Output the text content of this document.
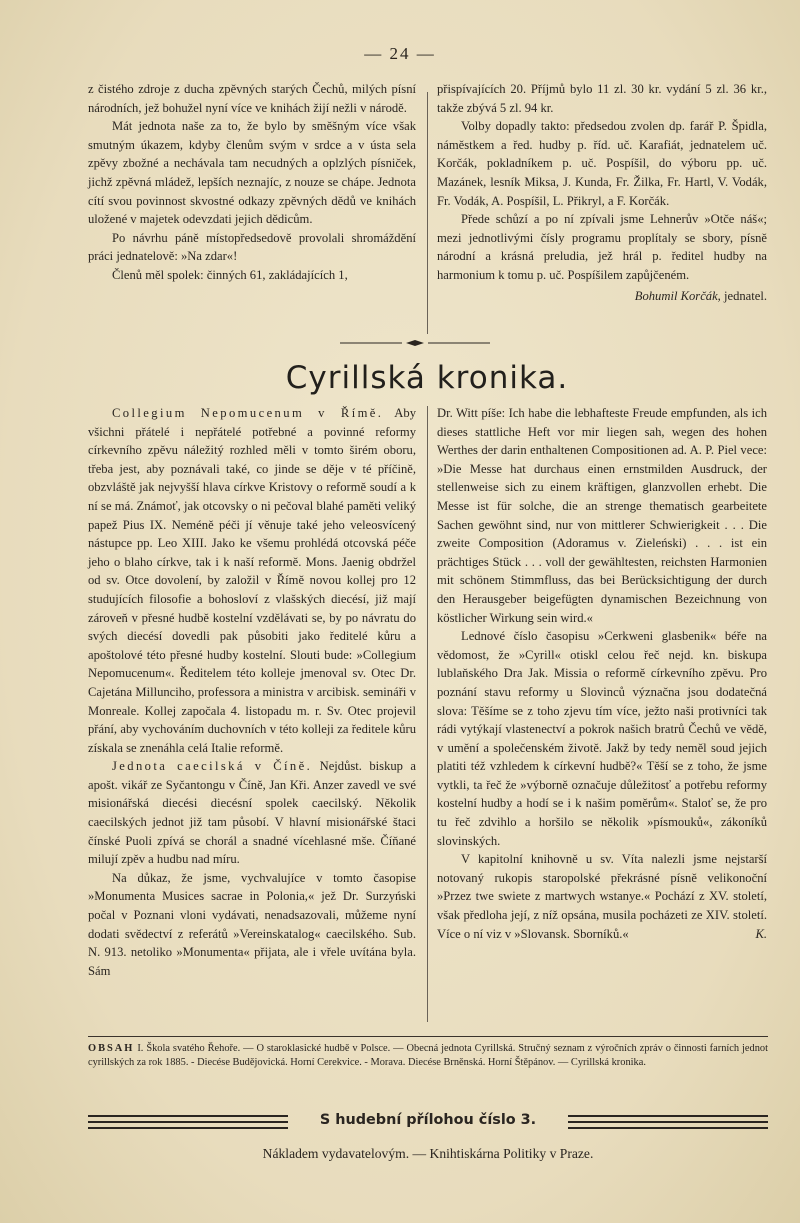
— 24 —

z čistého zdroje z ducha zpěvných starých Čechů, milých písní národních, jež bohužel nyní více ve knihách žijí nežli v národě.

Mát jednota naše za to, že bylo by směšným více však smutným úkazem, kdyby členům svým v srdce a v ústa sela zpěvy zbožné a nechávala tam necudných a oplzlých písniček, jichž zpěvná mládež, lepších neznajíc, z nouze se chápe. Jednota cítí svou povinnost skvostné odkazy zpěvných dědů ve knihách uložené v majetek odevzdati jejich dědicům.

Po návrhu páně místopředsedově provolali shromáždění práci jednatelově: »Na zdar«!

Členů měl spolek: činných 61, zakládajících 1,

přispívajících 20. Příjmů bylo 11 zl. 30 kr. vydání 5 zl. 36 kr., takže zbývá 5 zl. 94 kr.

Volby dopadly takto: předsedou zvolen dp. farář P. Špidla, náměstkem a řed. hudby p. říd. uč. Karafiát, jednatelem uč. Korčák, pokladníkem p. uč. Pospíšil, do výboru pp. uč. Mazánek, lesník Miksa, J. Kunda, Fr. Žilka, Fr. Hartl, V. Vodák, Fr. Vodák, A. Pospíšil, L. Přikryl, a F. Korčák.

Přede schůzí a po ní zpívali jsme Lehnerův »Otče náš«; mezi jednotlivými čísly programu proplítaly se sbory, písně národní a krásná preludia, jež hrál p. ředitel hudby na harmonium k tomu p. uč. Pospíšilem zapůjčeném.

Bohumil Korčák, jednatel.
Cyrillská kronika.

Collegium Nepomucenum v Římě. Aby všichni přátelé i nepřátelé potřebné a povinné reformy církevního zpěvu náležitý rozhled měli v tomto širém oboru, třeba jest, aby poznávali také, co jinde se děje v té příčině, obzvláště jak nejvyšší hlava církve Kristovy o reformě soudí a k ní se má. Známoť, jak otcovsky o ni pečoval blahé paměti veliký papež Pius IX. Neméně péči jí věnuje také jeho veleosvícený nástupce pp. Leo XIII. Jako ke všemu prohlédá otcovská péče jeho o blaho církve, tak i k naší reformě. Mons. Jaenig obdržel od sv. Otce dovolení, by založil v Římě novou kollej pro 12 studujících filosofie a bohosloví z vlašských diecésí, již mají zároveň v přesné hudbě kostelní vzdělávati se, by po návratu do svých diecésí dovedli pak působiti jako ředitelé kůru a apoštolové této přesné hudby kostelní. Slouti bude: »Collegium Nepomucenum«. Ředitelem této kolleje jmenoval sv. Otec Dr. Cajetána Millunciho, professora a ministra v arcibisk. semináři v Monreale. Kollej započala 4. listopadu m. r. Sv. Otec projevil přání, aby vychováním duchovních v této kolleji za ředitele kůru získala se znenáhla celá Italie reformě.

Jednota caecilská v Číně. Nejdůst. biskup a apošt. vikář ze Syčantongu v Číně, Jan Kři. Anzer zavedl ve své misionářská diecési diecésní spolek caecilský. Několik caecilských jednot již tam působí. V hlavní misionářské štaci čínské Puoli zpívá se chorál a snadné vícehlasné mše. Číňané milují zpěv a hudbu nad míru.

Na důkaz, že jsme, vychvalujíce v tomto časopise »Monumenta Musices sacrae in Polonia,« jež Dr. Surzyński počal v Poznani vloni vydávati, nenadsazovali, můžeme nyní dodati svědectví z referátů »Vereinskatalog« caecilského. Sub. N. 913. netoliko »Monumenta« přijata, ale i vřele uvítána byla. Sám

Dr. Witt píše: Ich habe die lebhafteste Freude empfunden, als ich dieses stattliche Heft vor mir liegen sah, wegen des hohen Werthes der darin enthaltenen Compositionen ad. A. P. Piel vece: »Die Messe hat durchaus einen ernstmilden Ausdruck, der stellenweise sich zu einem kräftigen, glanzvollen erhebt. Die Messe ist für solche, die an strenge thematisch gearbeitete Sachen gewöhnt sind, nur von mittlerer Schwierigkeit . . . Die zweite Composition (Adoramus v. Zieleński) . . . ist ein prächtiges Stück . . . voll der gewähltesten, reichsten Harmonien mit schönem Stimmfluss, das bei Berücksichtigung der durch den Herausgeber beigefügten dynamischen Bezeichnung von köstlicher Wirkung sein wird.«

Lednové číslo časopisu »Cerkweni glasbenik« béře na vědomost, že »Cyrill« otiskl celou řeč nejd. kn. biskupa lublaňského Dra Jak. Missia o reformě církevního zpěvu. Pro poznání stavu reformy u Slovinců význačna jsou dodatečná slova: Těšíme se z toho zjevu tím více, ježto naši protivníci tak rádi vytýkají vlastenectví a pokrok našich bratrů Čechů ve vědě, v umění a společenském životě. Jakž by tedy neměl soud jejich platiti též vzhledem k církevní hudbě?« Těší se z toho, že jsme vytkli, ta řeč že »výborně označuje důležitosť a potřebu reformy kostelní hudby a hodí se i k našim poměrům«. Staloť se, že pro tu řeč zdvihlo a horšilo se několik »písmouků«, zákoníků slovinských.

V kapitolní knihovně u sv. Víta nalezli jsme nejstarší notovaný rukopis staropolské překrásné písně velikonoční »Przez twe swiete z martwych wstanye.« Pochází z XV. století, však předloha její, z níž opsána, musila pocházeti ze XIV. století. Více o ní viz v »Slovansk. Sborníků.«	K.

OBSAH I. Škola svatého Řehoře. — O staroklasické hudbě v Polsce. — Obecná jednota Cyrillská. Stručný seznam z výročních zpráv o činnosti farních jednot cyrillských za rok 1885. - Diecése Budějovická. Horní Cerekvice. - Morava. Diecése Brněnská. Horní Štěpánov. — Cyrillská kronika.
S hudební přílohou číslo 3.
Nákladem vydavatelovým. — Knihtiskárna Politiky v Praze.
